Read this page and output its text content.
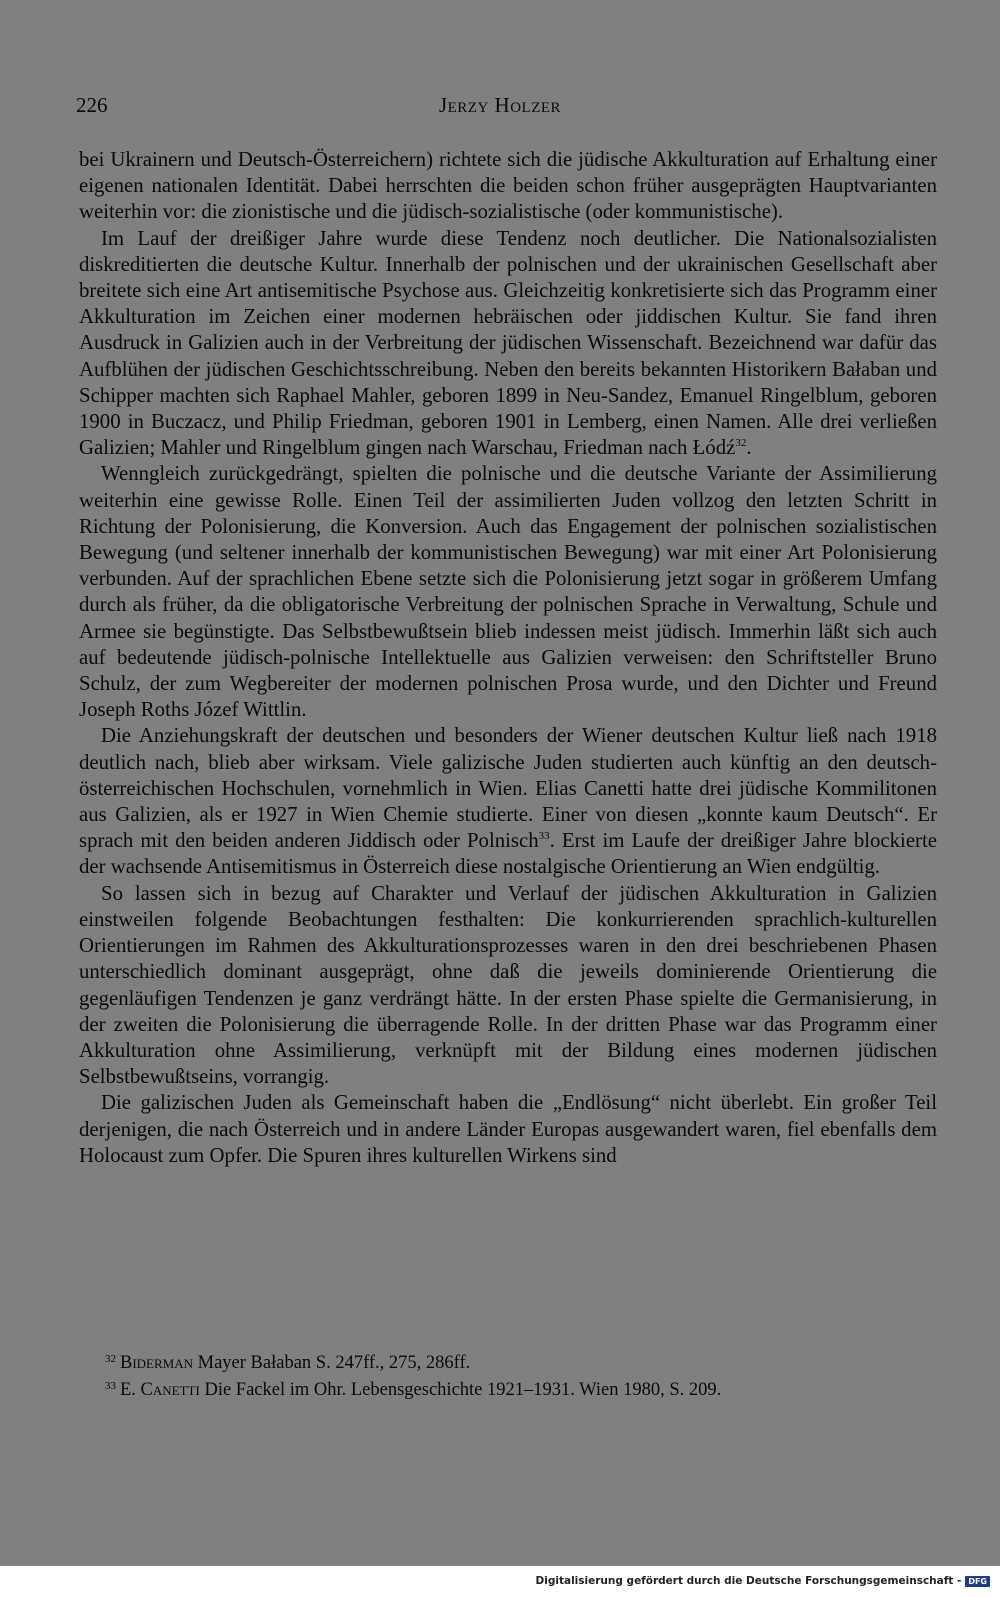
226	Jerzy Holzer

bei Ukrainern und Deutsch-Österreichern) richtete sich die jüdische Akkulturation auf Erhaltung einer eigenen nationalen Identität. Dabei herrschten die beiden schon früher ausgeprägten Hauptvarianten weiterhin vor: die zionistische und die jüdisch-sozialistische (oder kommunistische).

Im Lauf der dreißiger Jahre wurde diese Tendenz noch deutlicher. Die Nationalsozialisten diskreditierten die deutsche Kultur. Innerhalb der polnischen und der ukrainischen Gesellschaft aber breitete sich eine Art antisemitische Psychose aus. Gleichzeitig konkretisierte sich das Programm einer Akkulturation im Zeichen einer modernen hebräischen oder jiddischen Kultur. Sie fand ihren Ausdruck in Galizien auch in der Verbreitung der jüdischen Wissenschaft. Bezeichnend war dafür das Aufblühen der jüdischen Geschichtsschreibung. Neben den bereits bekannten Historikern Bałaban und Schipper machten sich Raphael Mahler, geboren 1899 in Neu-Sandez, Emanuel Ringelblum, geboren 1900 in Buczacz, und Philip Friedman, geboren 1901 in Lemberg, einen Namen. Alle drei verließen Galizien; Mahler und Ringelblum gingen nach Warschau, Friedman nach Łódź$^{32}$.

Wenngleich zurückgedrängt, spielten die polnische und die deutsche Variante der Assimilierung weiterhin eine gewisse Rolle. Einen Teil der assimilierten Juden vollzog den letzten Schritt in Richtung der Polonisierung, die Konversion. Auch das Engagement der polnischen sozialistischen Bewegung (und seltener innerhalb der kommunistischen Bewegung) war mit einer Art Polonisierung verbunden. Auf der sprachlichen Ebene setzte sich die Polonisierung jetzt sogar in größerem Umfang durch als früher, da die obligatorische Verbreitung der polnischen Sprache in Verwaltung, Schule und Armee sie begünstigte. Das Selbstbewußtsein blieb indessen meist jüdisch. Immerhin läßt sich auch auf bedeutende jüdisch-polnische Intellektuelle aus Galizien verweisen: den Schriftsteller Bruno Schulz, der zum Wegbereiter der modernen polnischen Prosa wurde, und den Dichter und Freund Joseph Roths Józef Wittlin.

Die Anziehungskraft der deutschen und besonders der Wiener deutschen Kultur ließ nach 1918 deutlich nach, blieb aber wirksam. Viele galizische Juden studierten auch künftig an den deutsch-österreichischen Hochschulen, vornehmlich in Wien. Elias Canetti hatte drei jüdische Kommilitonen aus Galizien, als er 1927 in Wien Chemie studierte. Einer von diesen „konnte kaum Deutsch“. Er sprach mit den beiden anderen Jiddisch oder Polnisch$^{33}$. Erst im Laufe der dreißiger Jahre blockierte der wachsende Antisemitismus in Österreich diese nostalgische Orientierung an Wien endgültig.

So lassen sich in bezug auf Charakter und Verlauf der jüdischen Akkulturation in Galizien einstweilen folgende Beobachtungen festhalten: Die konkurrierenden sprachlich-kulturellen Orientierungen im Rahmen des Akkulturationsprozesses waren in den drei beschriebenen Phasen unterschiedlich dominant ausgeprägt, ohne daß die jeweils dominierende Orientierung die gegenläufigen Tendenzen je ganz verdrängt hätte. In der ersten Phase spielte die Germanisierung, in der zweiten die Polonisierung die überragende Rolle. In der dritten Phase war das Programm einer Akkulturation ohne Assimilierung, verknüpft mit der Bildung eines modernen jüdischen Selbstbewußtseins, vorrangig.

Die galizischen Juden als Gemeinschaft haben die „Endlösung“ nicht überlebt. Ein großer Teil derjenigen, die nach Österreich und in andere Länder Europas ausgewandert waren, fiel ebenfalls dem Holocaust zum Opfer. Die Spuren ihres kulturellen Wirkens sind

$^{32}$ Biderman Mayer Bałaban S. 247ff., 275, 286ff.
$^{33}$ E. Canetti Die Fackel im Ohr. Lebensgeschichte 1921–1931. Wien 1980, S. 209.
Digitalisierung gefördert durch die Deutsche Forschungsgemeinschaft - DFG
